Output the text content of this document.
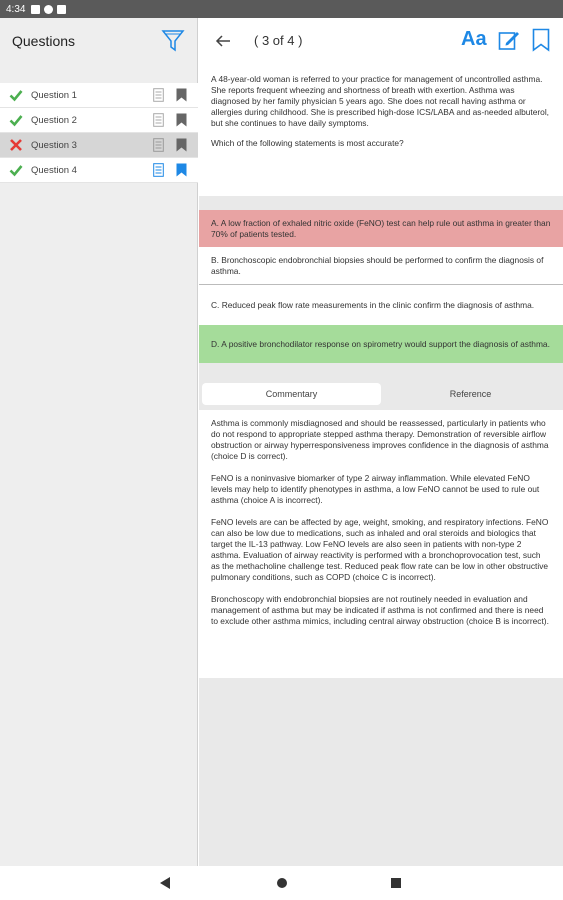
4:34
Questions
Question 1
Question 2
Question 3
Question 4
( 3 of 4 )	Aa

A 48-year-old woman is referred to your practice for management of uncontrolled asthma. She reports frequent wheezing and shortness of breath with exertion. Asthma was diagnosed by her family physician 5 years ago. She does not recall having asthma or allergies during childhood. She is prescribed high-dose ICS/LABA and as-needed albuterol, but she continues to have daily symptoms.

Which of the following statements is most accurate?

A. A low fraction of exhaled nitric oxide (FeNO) test can help rule out asthma in greater than 70% of patients tested.
B. Bronchoscopic endobronchial biopsies should be performed to confirm the diagnosis of asthma.
C. Reduced peak flow rate measurements in the clinic confirm the diagnosis of asthma.
D. A positive bronchodilator response on spirometry would support the diagnosis of asthma.
Commentary	Reference

Asthma is commonly misdiagnosed and should be reassessed, particularly in patients who do not respond to appropriate stepped asthma therapy. Demonstration of reversible airflow obstruction or airway hyperresponsiveness improves confidence in the diagnosis of asthma (choice D is correct).

FeNO is a noninvasive biomarker of type 2 airway inflammation. While elevated FeNO levels may help to identify phenotypes in asthma, a low FeNO cannot be used to rule out asthma (choice A is incorrect).

FeNO levels are can be affected by age, weight, smoking, and respiratory infections. FeNO can also be low due to medications, such as inhaled and oral steroids and biologics that target the IL-13 pathway. Low FeNO levels are also seen in patients with non-type 2 asthma. Evaluation of airway reactivity is performed with a bronchoprovocation test, such as the methacholine challenge test. Reduced peak flow rate can be low in other obstructive pulmonary conditions, such as COPD (choice C is incorrect).

Bronchoscopy with endobronchial biopsies are not routinely needed in evaluation and management of asthma but may be indicated if asthma is not confirmed and there is need to exclude other asthma mimics, including central airway obstruction (choice B is incorrect).
